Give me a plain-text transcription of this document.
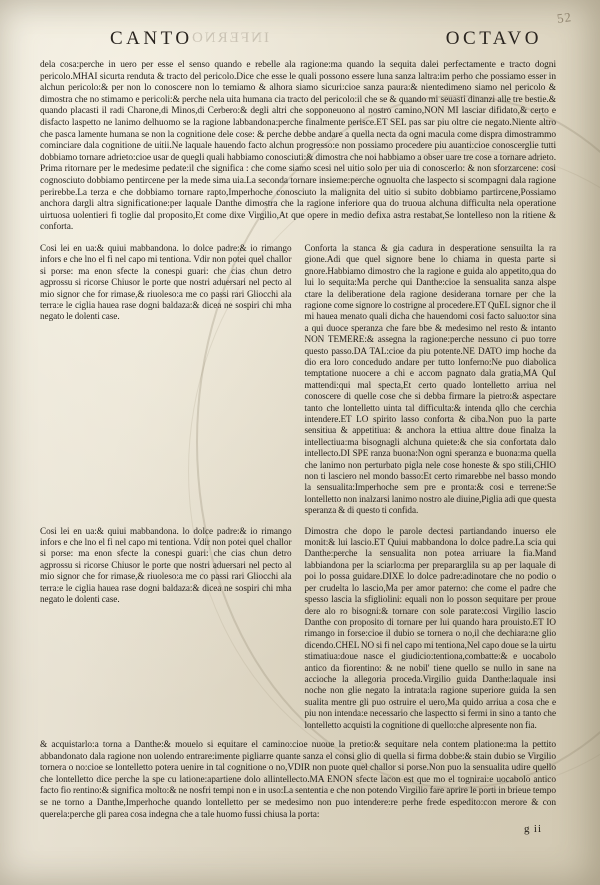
52
CANTO
INFERNO	OCTAVO
dela cosa:perche in uero per esse el senso quando e rebelle ala ragione:ma quando la sequita dalei perfectamente e tracto dogni pericolo.MHAI sicurta renduta & tracto del pericolo.Dice che esse le quali possono essere luna sanza laltra:im perho che possiamo esser in alchun pericolo:& per non lo conoscere non lo temiamo & alhora siamo sicuri:cioe sanza paura:& nientedimeno siamo nel pericolo & dimostra che no stimamo e pericoli:& perche nela uita humana cia tracto del pericolo:il che se & quando mi seuasti dinanzi alle tre bestie.& quando placasti il radi Charone,di Minos,di Cerbero:& degli altri che sopponeuono al nostro camino,NON MI lasciar difidato,& certo e disfacto laspetto ne lanimo delhuomo se la ragione labbandona:perche finalmente perisce.ET SEL pas sar piu oltre cie negato.Niente altro che pasca lamente humana se non la cognitione dele cose: & perche debbe andare a quella necta da ogni macula come dispra dimostrammo cominciare dala cognitione de uitii.Ne laquale hauendo facto alchun progresso:e non possiamo procedere piu auanti:cioe conoscerglie tutti dobbiamo tornare adrieto:cioe usar de quegli quali habbiamo conosciuti:& dimostra che noi habbiamo a obser uare tre cose a tornare adrieto. Prima ritornare per le medesime pedate:il che significa : che come siamo scesi nel uitio solo per uia di conoscerlo: & non sforzarcene: cosi cognosciuto dobbiamo pentircene per la mede sima uia.La seconda tornare insieme:perche ognuolta che laspecto si scompagni dala ragione perirebbe.La terza e che dobbiamo tornare rapto,Imperhoche conosciuto la malignita del uitio si subito dobbiamo partircene,Possiamo anchora dargli altra significatione:per laquale Danthe dimostra che la ragione inferiore qua do truoua alchuna difficulta nela operatione uirtuosa uolentieri fi toglie dal proposito,Et come dixe Virgilio,At que opere in medio defixa astra restabat,Se lontelleso non la ritiene & conforta.
Cosi lei en ua:& quiui mabbandona. lo dolce padre:& io rimango infors e che lno el fi nel capo mi tentiona. Vdir non potei quel challor si porse: ma enon sfecte la conespi guari: che cias chun detro agprossu si ricorse Chiusor le porte que nostri aduersari nel pecto al mio signor che for rimase,& riuoleso:a me co passi rari Gliocchi ala terra:e le ciglia hauea rase dogni baldaza:& dicea ne sospiri chi mha negato le dolenti case.
Conforta la stanca & gia cadura in desperatione sensuilta la ra gione.Adi que quel signore bene lo chiama in questa parte si gnore.Habbiamo dimostro che la ragione e guida alo appetito,qua do lui lo sequita:Ma perche qui Danthe:cioe la sensualita sanza alspe ctare la deliberatione dela ragione desiderana tornare per che la ragione come signore lo costrigne al procedere.ET QuEL signor che il mi hauea menato quali dicha che hauendomi cosi facto saluo:tor sina a qui duoce speranza che fare bbe & medesimo nel resto & intanto NON TEMERE:& assegna la ragione:perche nessuno ci puo torre questo passo.DA TAL:cioe da piu potente.NE DATO imp hoche da dio era loro concedudo andare per tutto lonferno:Ne puo diabolica temptatione nuocere a chi e accom pagnato dala gratia,MA QuI mattendi:qui mal specta,Et certo quado lontelletto arriua nel conoscere di quelle cose che si debba firmare la pietro:& aspectare tanto che lontelletto uinta tal difficulta:& intenda qllo che cerchia intendere.ET LO spirito lasso conforta & ciba.Non puo la parte sensitiua & appetitiua: & anchora la ettiua alttre doue finalza la intellectiua:ma bisognagli alchuna quiete:& che sia confortata dalo intellecto.DI SPE ranza buona:Non ogni speranza e buona:ma quella che lanimo non perturbato pigla nele cose honeste & spo stili,CHIO non ti lasciero nel mondo basso:Et certo rimarebbe nel basso mondo la sensualita:Imperhoche sem pre e pronta:& cosi e terrene:Se lontelletto non inalzarsi lanimo nostro ale diuine,Piglia adi que questa speranza & di questo ti confida.
Cosi lei en ua:& quiui mabbandona. lo dolce padre:& io rimango infors e che lno el fi nel capo mi tentiona. Vdir non potei quel challor si porse: ma enon sfecte la conespi guari: che cias chun detro agprossu si ricorse Chiusor le porte que nostri aduersari nel pecto al mio signor che for rimase,& riuoleso:a me co passi rari Gliocchi ala terra:e le ciglia hauea rase dogni baldaza:& dicea ne sospiri chi mha negato le dolenti case.
Dimostra che dopo le parole dectesi partiandando inuerso ele monit:& lui lascio.ET Quiui mabbandona lo dolce padre.La scia qui Danthe:perche la sensualita non potea arriuare la fia.Mand labbiandona per la sciarlo:ma per prepararglila su ap per laquale di poi lo possa guidare.DIXE lo dolce padre:adinotare che no podio o per crudelta lo lascio,Ma per amor paterno: che come el padre che spesso lascia la sfigliolini: equali non lo posson sequitare per proue dere alo ro bisogni:& tornare con sole parate:cosi Virgilio lascio Danthe con proposito di tornare per lui quando hara prouisto.ET IO rimango in forse:cioe il dubio se tornera o no,il che dechiara:ne glio dicendo.CHEL NO si fi nel capo mi tentiona,Nel capo doue se la uirtu stimatiua:doue nasce el giudicio:tentiona,combatte:& e uocabolo antico da fiorentino: & ne nobil' tiene quello se nullo in sane na accioche la allegoria proceda.Virgilio guida Danthe:laquale insi noche non glie negato la intrata:la ragione superiore guida la sen sualita mentre gli puo ostruire el uero,Ma quido arriua a cosa che e piu non intenda:e necessario che laspectto si fermi in sino a tanto che lontelletto acquisti la cognitione di quello:che alpresente non fia.
& acquistarlo:a torna a Danthe:& mouelo si equitare el camino:cioe nuoue la pretio:& sequitare nela contem platione:ma la pettito abbandonato dala ragione non uolendo entrare:imente pigliarre quante sanza el consi glio di quella si firma dobbe:& stain dubio se Virgilio tornera o no:cioe se lontelletto potera uenire in tal cognitione o no,VDIR non puote quel challor si porse.Non puo la sensualita udire quello che lontelletto dice perche la spe cu latione:apartiene dolo allintellecto.MA ENON sfecte lacon est que mo el tognirai:e uocabolo antico facto fio rentino:& significa molto:& ne nosfri tempi non e in uso:La sententia e che non potendo Virgilio fare aprire le porti in brieue tempo se ne torno a Danthe,Imperhoche quando lontelletto per se medesimo non puo intendere:re perhe frede espedito:con merore & con querela:perche gli parea cosa indegna che a tale huomo fussi chiusa la porta:
g ii
